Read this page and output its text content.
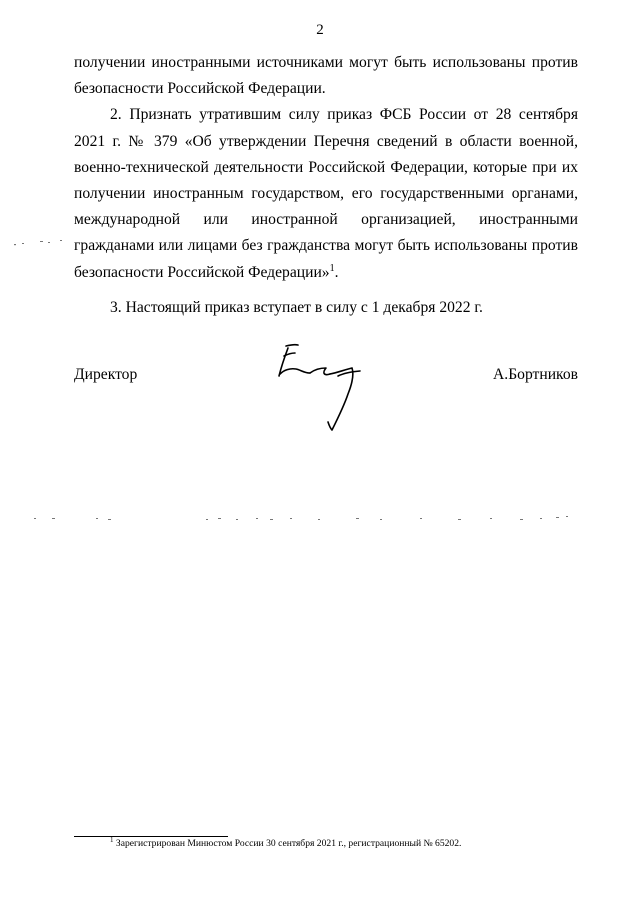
2

получении иностранными источниками могут быть использованы против безопасности Российской Федерации.

2. Признать утратившим силу приказ ФСБ России от 28 сентября 2021 г. № 379 «Об утверждении Перечня сведений в области военной, военно-технической деятельности Российской Федерации, которые при их получении иностранным государством, его государственными органами, международной или иностранной организацией, иностранными гражданами или лицами без гражданства могут быть использованы против безопасности Российской Федерации»$^1$.

3. Настоящий приказ вступает в силу с 1 декабря 2022 г.

Директор	А.Бортников
$^1$ Зарегистрирован Минюстом России 30 сентября 2021 г., регистрационный № 65202.
